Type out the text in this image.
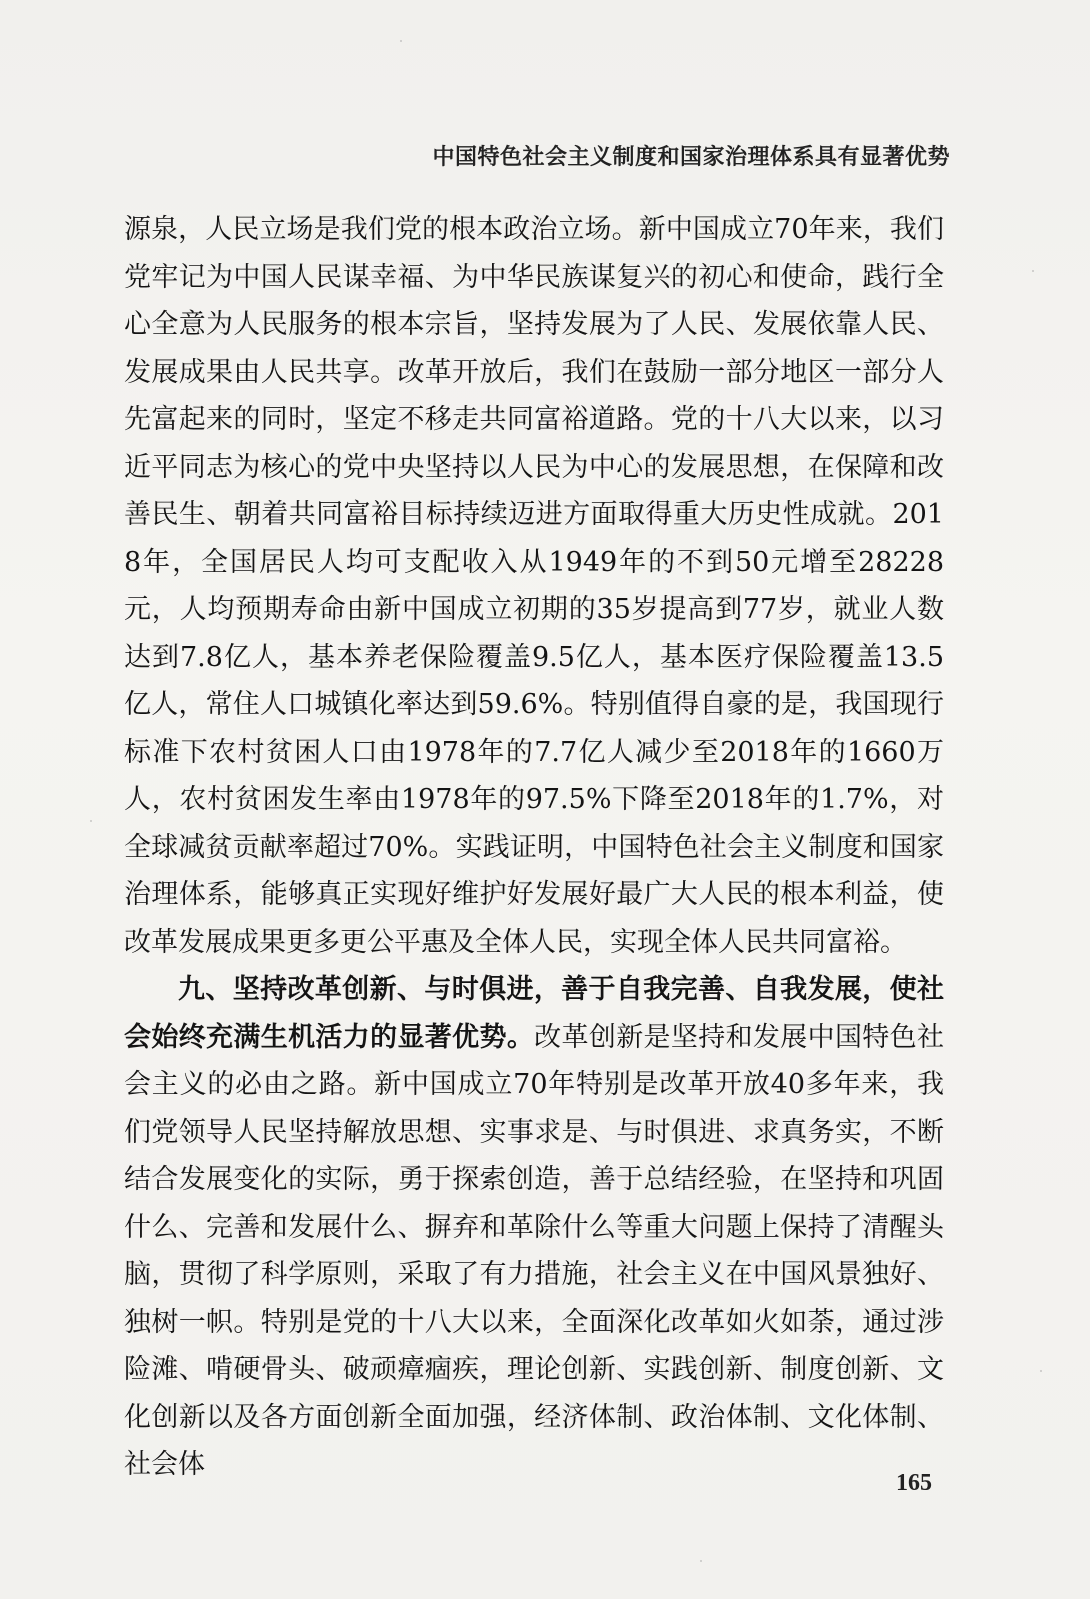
中国特色社会主义制度和国家治理体系具有显著优势

源泉，人民立场是我们党的根本政治立场。新中国成立70年来，我们党牢记为中国人民谋幸福、为中华民族谋复兴的初心和使命，践行全心全意为人民服务的根本宗旨，坚持发展为了人民、发展依靠人民、发展成果由人民共享。改革开放后，我们在鼓励一部分地区一部分人先富起来的同时，坚定不移走共同富裕道路。党的十八大以来，以习近平同志为核心的党中央坚持以人民为中心的发展思想，在保障和改善民生、朝着共同富裕目标持续迈进方面取得重大历史性成就。2018年，全国居民人均可支配收入从1949年的不到50元增至28228元，人均预期寿命由新中国成立初期的35岁提高到77岁，就业人数达到7.8亿人，基本养老保险覆盖9.5亿人，基本医疗保险覆盖13.5亿人，常住人口城镇化率达到59.6%。特别值得自豪的是，我国现行标准下农村贫困人口由1978年的7.7亿人减少至2018年的1660万人，农村贫困发生率由1978年的97.5%下降至2018年的1.7%，对全球减贫贡献率超过70%。实践证明，中国特色社会主义制度和国家治理体系，能够真正实现好维护好发展好最广大人民的根本利益，使改革发展成果更多更公平惠及全体人民，实现全体人民共同富裕。

九、坚持改革创新、与时俱进，善于自我完善、自我发展，使社会始终充满生机活力的显著优势。改革创新是坚持和发展中国特色社会主义的必由之路。新中国成立70年特别是改革开放40多年来，我们党领导人民坚持解放思想、实事求是、与时俱进、求真务实，不断结合发展变化的实际，勇于探索创造，善于总结经验，在坚持和巩固什么、完善和发展什么、摒弃和革除什么等重大问题上保持了清醒头脑，贯彻了科学原则，采取了有力措施，社会主义在中国风景独好、独树一帜。特别是党的十八大以来，全面深化改革如火如荼，通过涉险滩、啃硬骨头、破顽瘴痼疾，理论创新、实践创新、制度创新、文化创新以及各方面创新全面加强，经济体制、政治体制、文化体制、社会体

165
